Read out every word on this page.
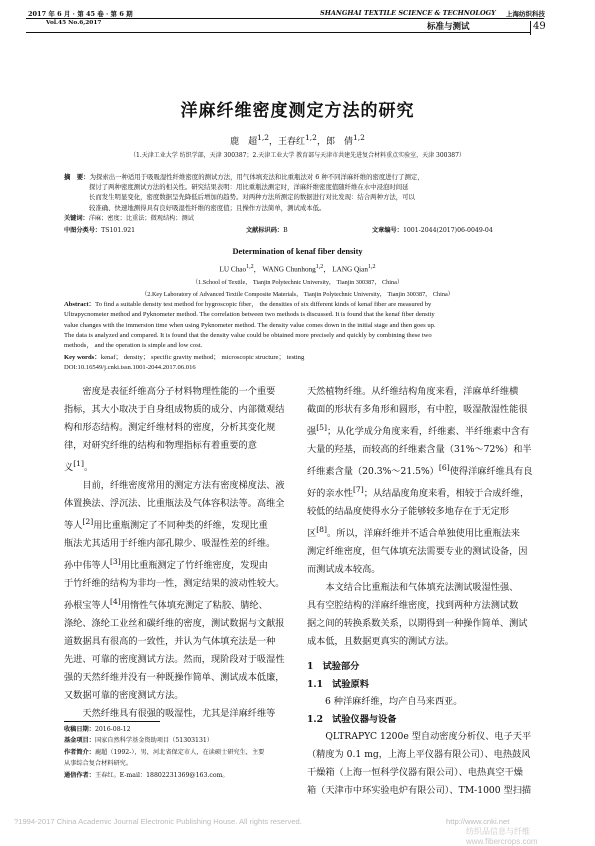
2017 年 6 月 · 第 45 卷 · 第 6 期
Vol.45 No.6,2017
SHANGHAI TEXTILE SCIENCE & TECHNOLOGY 上海纺织科技
标准与测试	49
洋麻纤维密度测定方法的研究
鹿　超$^{1,2}$，王春红$^{1,2}$，郎　倩$^{1,2}$
（1.天津工业大学 纺织学部，天津 300387；2.天津工业大学 教育部与天津市共建先进复合材料重点实验室，天津 300387）
摘　要：为探索出一种适用于吸吸湿性纤维密度的测试方法，用气体填充法和比重瓶法对 6 种不同洋麻纤维的密度进行了测定，
探讨了两种密度测试方法的相关性。研究结果表明：用比重瓶法测定时，洋麻纤维密度值随纤维在水中浸泡时间延
长而发生明显变化，密度数据呈先降低后增加的趋势。对两种方法所测定的数据进行对比发现：结合两种方法，可以
较准确、快速地测得具有良好吸湿性纤维的密度值；且操作方法简单，测试成本低。
关键词：洋麻；密度；比重法；微观结构；测试
中图分类号：TS101.921	文献标识码：B	文章编号：1001-2044(2017)06-0049-04
Determination of kenaf fiber density
LU Chao$^{1,2}$， WANG Chunhong$^{1,2}$， LANG Qian$^{1,2}$
（1.School of Textile， Tianjin Polytechnic University， Tianjin 300387， China）
（2.Key Laboratory of Advanced Textile Composite Materials， Tianjin Polytechnic University， Tianjin 300387， China）
Abstract：To find a suitable density test method for hygroscopic fiber， the densities of six different kinds of kenaf fiber are measured by
Ultrapycnometer method and Pyknometer method. The correlation between two methods is discussed. It is found that the kenaf fiber density
value changes with the immersion time when using Pyknometer method. The density value comes down in the initial stage and then goes up.
The data is analyzed and compared. It is found that the density value could be obtained more precisely and quickly by combining these two
methods， and the operation is simple and low cost.
Key words：kenaf； density； specific gravity method； microscopic structure； testing
DOI:10.16549/j.cnki.issn.1001-2044.2017.06.016
密度是表征纤维高分子材料物理性能的一个重要
指标，其大小取决于自身组成物质的成分、内部微观结
构和形态结构。测定纤维材料的密度，分析其变化规
律，对研究纤维的结构和物理指标有着重要的意
义[1]。
目前，纤维密度常用的测定方法有密度梯度法、液
体置换法、浮沉法、比重瓶法及气体容积法等。高维全
等人[2]用比重瓶测定了不同种类的纤维，发现比重
瓶法尤其适用于纤维内部孔隙少、吸湿性差的纤维。
孙中伟等人[3]用比重瓶测定了竹纤维密度，发现由
于竹纤维的结构为非均一性，测定结果的波动性较大。
孙根宝等人[4]用惰性气体填充测定了粘胶、腈纶、
涤纶、涤纶工业丝和碳纤维的密度，测试数据与文献报
道数据具有很高的一致性，并认为气体填充法是一种
先进、可靠的密度测试方法。然而，现阶段对于吸湿性
强的天然纤维并没有一种既操作简单、测试成本低廉，
又数据可靠的密度测试方法。
天然纤维具有很强的吸湿性，尤其是洋麻纤维等
收稿日期：2016-08-12
基金项目：国家自然科学基金资助项目（51303131）
作者简介：鹿超（1992-），男，河北省保定市人，在读硕士研究生，主要
从事综合复合材料研究。
通信作者：王春红。E-mail：18802231369@163.com。
天然植物纤维。从纤维结构角度来看，洋麻单纤维横
截面的形状有多角形和圆形，有中腔，吸湿散湿性能很
强[5]；从化学成分角度来看，纤维素、半纤维素中含有
大量的羟基，而较高的纤维素含量（31%～72%）和半
纤维素含量（20.3%～21.5%）[6]使得洋麻纤维具有良
好的亲水性[7]；从结晶度角度来看，相较于合成纤维，
较低的结晶度使得水分子能够较多地存在于无定形
区[8]。所以，洋麻纤维并不适合单独使用比重瓶法来
测定纤维密度，但气体填充法需要专业的测试设备，因
而测试成本较高。
本文结合比重瓶法和气体填充法测试吸湿性强、
具有空腔结构的洋麻纤维密度，找到两种方法测试数
据之间的转换系数关系，以期得到一种操作简单、测试
成本低，且数据更真实的测试方法。
1　试验部分
1.1　试验原料
6 种洋麻纤维，均产自马来西亚。
1.2　试验仪器与设备
QLTRAPYC 1200e 型自动密度分析仪、电子天平
（精度为 0.1 mg，上海上平仪器有限公司）、电热鼓风
干燥箱（上海一恒科学仪器有限公司）、电热真空干燥
箱（天津市中环实验电炉有限公司）、TM-1000 型扫描
?1994-2017 China Academic Journal Electronic Publishing House. All rights reserved.	http://www.cnki.net
纺织品信息与纤维 www.fibercrops.com
